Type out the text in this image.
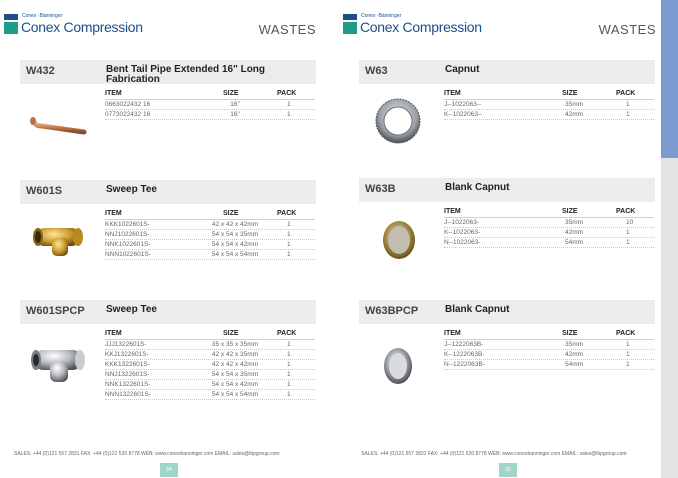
Conex ·Bänninger
Conex Compression	WASTES
W432	Bent Tail Pipe Extended 16" Long Fabrication
ITEM	SIZE	PACK
0663022432 16	16"	1
0773022432 16	16"	1
W601S	Sweep Tee
ITEM	SIZE	PACK
KKK1022601S-	42 x 42 x 42mm	1
NNJ1022601S-	54 x 54 x 35mm	1
NNK1022601S-	54 x 54 x 42mm	1
NNN1022601S-	54 x 54 x 54mm	1
W601SPCP Sweep Tee
ITEM	SIZE	PACK
JJJ1322601S-	35 x 35 x 35mm	1
KKJ1322601S-	42 x 42 x 35mm	1
KKK1322601S-	42 x 42 x 42mm	1
NNJ1322601S-	54 x 54 x 35mm	1
NNK1322601S-	54 x 54 x 42mm	1
NNN1322601S-	54 x 54 x 54mm	1
SALES: +44 (0)121 557 2831 FAX: +44 (0)121 520 8778 WEB: www.conexbanninger.com EMAIL: sales@ibpgroup.com
64
Conex ·Bänninger
Conex Compression	WASTES
W63	Capnut
ITEM	SIZE	PACK
J--1022063--	35mm	1
K--1022063--	42mm	1
W63B	Blank Capnut
ITEM	SIZE	PACK
J--1022063-	35mm	10
K--1022063-	42mm	1
N--1022063-	54mm	1
W63BPCP	Blank Capnut
ITEM	SIZE	PACK
J--1222063B-	35mm	1
K--1222063B-	42mm	1
N--1222063B-	54mm	1
SALES: +44 (0)121 557 2831 FAX: +44 (0)121 520 8778 WEB: www.conexbanninger.com EMAIL: sales@ibpgroup.com
65
